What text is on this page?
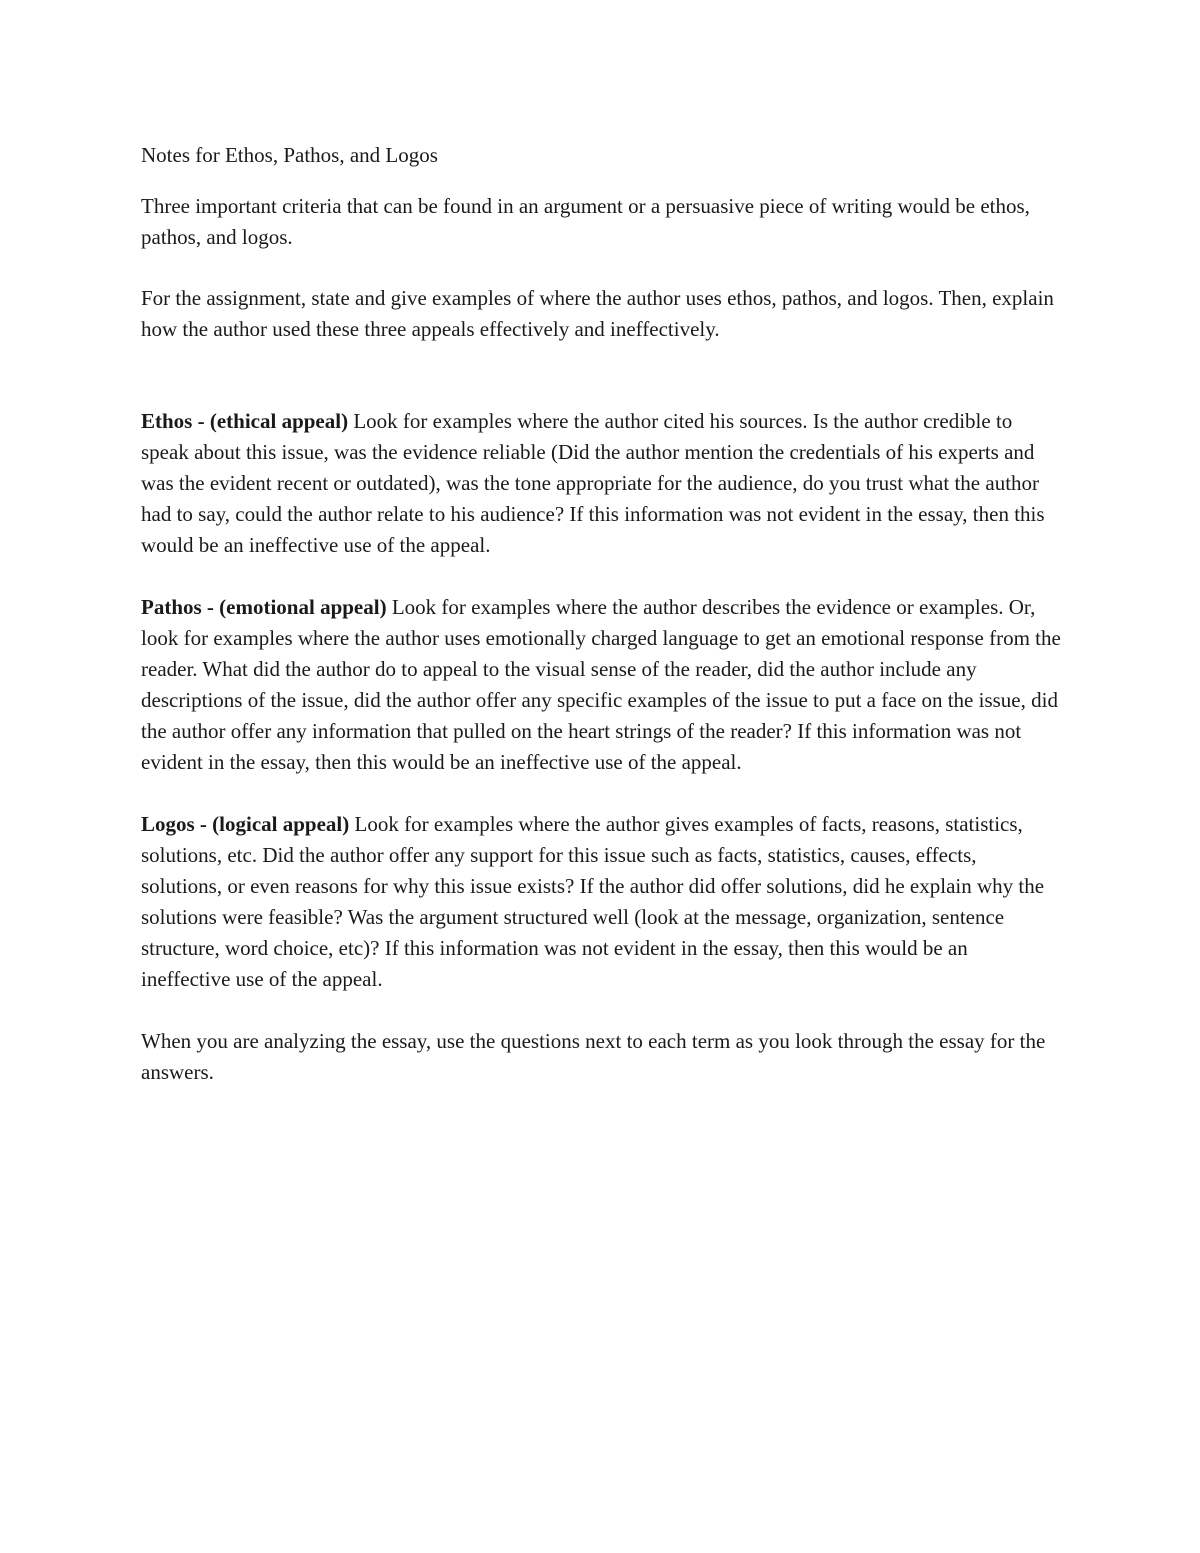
Notes for Ethos, Pathos, and Logos

Three important criteria that can be found in an argument or a persuasive piece of writing would be ethos, pathos, and logos.

For the assignment, state and give examples of where the author uses ethos, pathos, and logos. Then, explain how the author used these three appeals effectively and ineffectively.

Ethos - (ethical appeal) Look for examples where the author cited his sources. Is the author credible to speak about this issue, was the evidence reliable (Did the author mention the credentials of his experts and was the evident recent or outdated), was the tone appropriate for the audience, do you trust what the author had to say, could the author relate to his audience? If this information was not evident in the essay, then this would be an ineffective use of the appeal.

Pathos - (emotional appeal) Look for examples where the author describes the evidence or examples. Or, look for examples where the author uses emotionally charged language to get an emotional response from the reader. What did the author do to appeal to the visual sense of the reader, did the author include any descriptions of the issue, did the author offer any specific examples of the issue to put a face on the issue, did the author offer any information that pulled on the heart strings of the reader? If this information was not evident in the essay, then this would be an ineffective use of the appeal.

Logos - (logical appeal) Look for examples where the author gives examples of facts, reasons, statistics, solutions, etc. Did the author offer any support for this issue such as facts, statistics, causes, effects, solutions, or even reasons for why this issue exists? If the author did offer solutions, did he explain why the solutions were feasible? Was the argument structured well (look at the message, organization, sentence structure, word choice, etc)? If this information was not evident in the essay, then this would be an ineffective use of the appeal.

When you are analyzing the essay, use the questions next to each term as you look through the essay for the answers.
